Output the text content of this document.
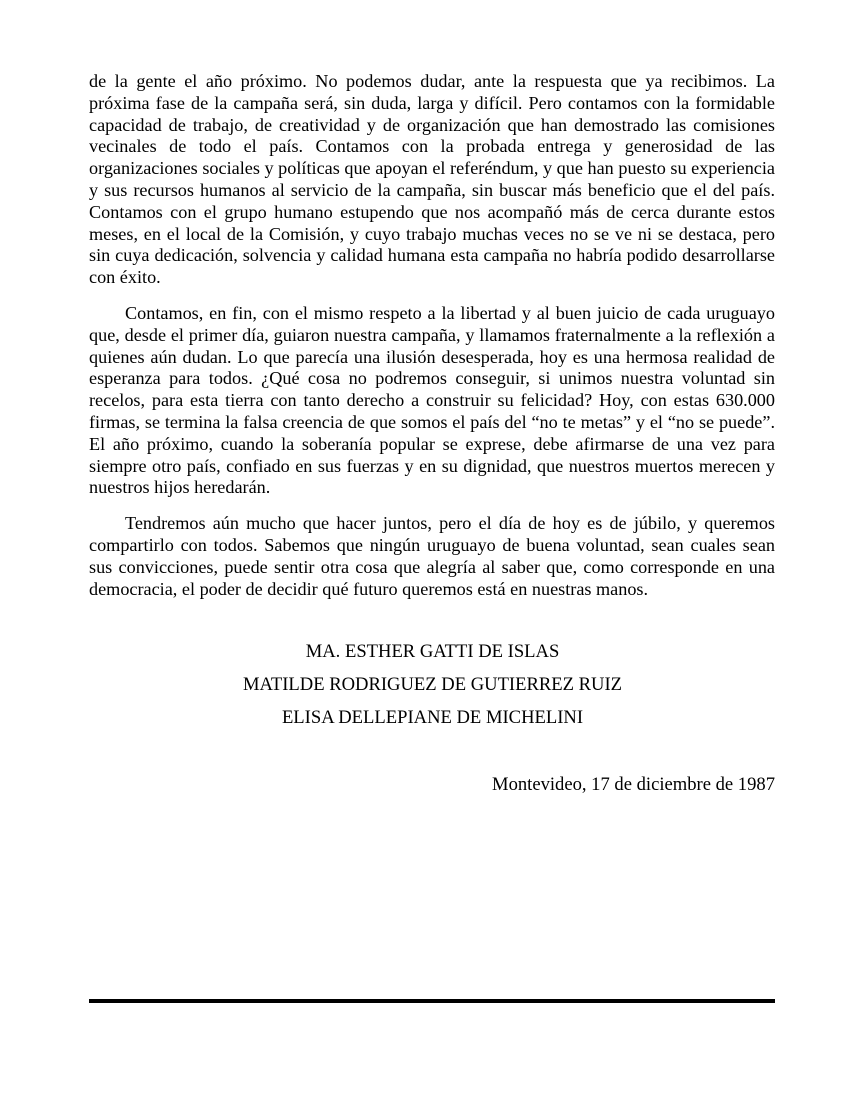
de la gente el año próximo. No podemos dudar, ante la respuesta que ya recibimos. La próxima fase de la campaña será, sin duda, larga y difícil. Pero contamos con la formidable capacidad de trabajo, de creatividad y de organización que han demostrado las comisiones vecinales de todo el país. Contamos con la probada entrega y generosidad de las organizaciones sociales y políticas que apoyan el referéndum, y que han puesto su experiencia y sus recursos humanos al servicio de la campaña, sin buscar más beneficio que el del país. Contamos con el grupo humano estupendo que nos acompañó más de cerca durante estos meses, en el local de la Comisión, y cuyo trabajo muchas veces no se ve ni se destaca, pero sin cuya dedicación, solvencia y calidad humana esta campaña no habría podido desarrollarse con éxito.

Contamos, en fin, con el mismo respeto a la libertad y al buen juicio de cada uruguayo que, desde el primer día, guiaron nuestra campaña, y llamamos fraternalmente a la reflexión a quienes aún dudan. Lo que parecía una ilusión desesperada, hoy es una hermosa realidad de esperanza para todos. ¿Qué cosa no podremos conseguir, si unimos nuestra voluntad sin recelos, para esta tierra con tanto derecho a construir su felicidad? Hoy, con estas 630.000 firmas, se termina la falsa creencia de que somos el país del “no te metas” y el “no se puede”. El año próximo, cuando la soberanía popular se exprese, debe afirmarse de una vez para siempre otro país, confiado en sus fuerzas y en su dignidad, que nuestros muertos merecen y nuestros hijos heredarán.

Tendremos aún mucho que hacer juntos, pero el día de hoy es de júbilo, y queremos compartirlo con todos. Sabemos que ningún uruguayo de buena voluntad, sean cuales sean sus convicciones, puede sentir otra cosa que alegría al saber que, como corresponde en una democracia, el poder de decidir qué futuro queremos está en nuestras manos.

MA. ESTHER GATTI DE ISLAS
MATILDE RODRIGUEZ DE GUTIERREZ RUIZ
ELISA DELLEPIANE DE MICHELINI
Montevideo, 17 de diciembre de 1987
